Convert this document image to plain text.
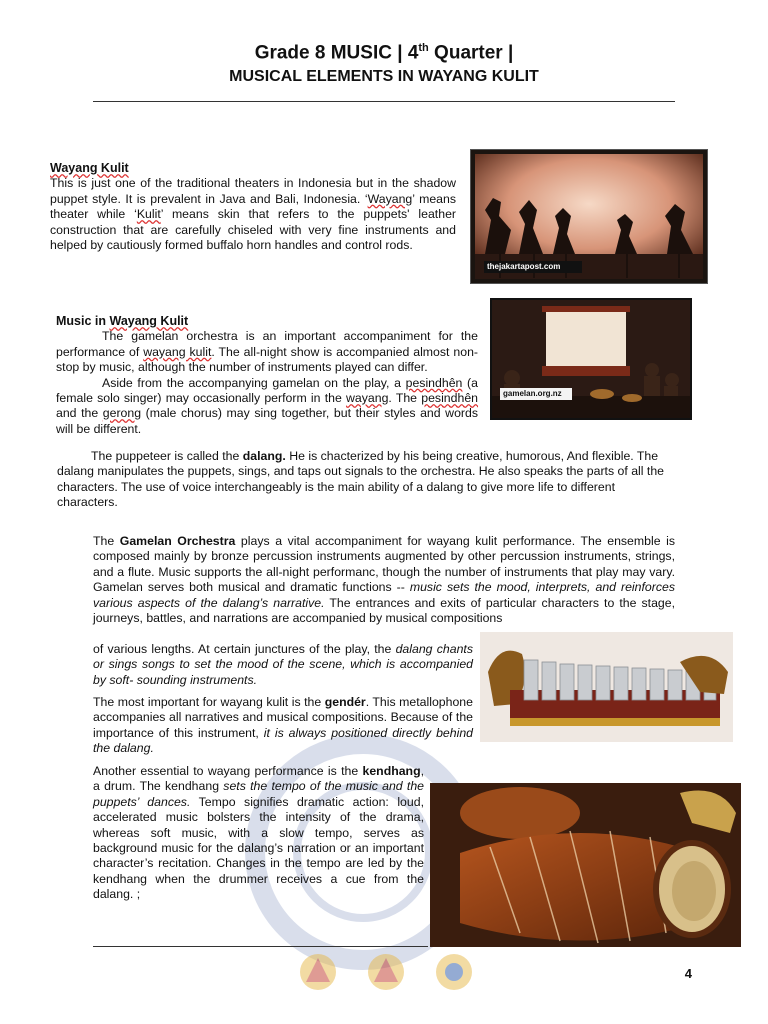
Grade 8 MUSIC | 4th Quarter |
MUSICAL ELEMENTS IN WAYANG KULIT
Wayang Kulit

This is just one of the traditional theaters in Indonesia but in the shadow puppet style. It is prevalent in Java and Bali, Indonesia. ‘Wayang’ means theater while ‘Kulit’ means skin that refers to the puppets' leather construction that are carefully chiseled with very fine instruments and helped by cautiously formed buffalo horn handles and control rods.

thejakartapost.com
Music in Wayang Kulit

The gamelan orchestra is an important accompaniment for the performance of wayang kulit. The all-night show is accompanied almost non-stop by music, although the number of instruments played can differ.

Aside from the accompanying gamelan on the play, a pesindhên (a female solo singer) may occasionally perform in the wayang. The pesindhên and the gerong (male chorus) may sing together, but their styles and words will be different.

gamelan.org.nz
The puppeteer is called the dalang. He is chacterized by his being creative, humorous, And flexible. The dalang manipulates the puppets, sings, and taps out signals to the orchestra. He also speaks the parts of all the characters. The use of voice interchangeably is the main ability of a dalang to give more life to different characters.
The Gamelan Orchestra plays a vital accompaniment for wayang kulit performance. The ensemble is composed mainly by bronze percussion instruments augmented by other percussion instruments, strings, and a flute. Music supports the all-night performanc, though the number of instruments that play may vary. Gamelan serves both musical and dramatic functions -- music sets the mood, interprets, and reinforces various aspects of the dalang’s narrative. The entrances and exits of particular characters to the stage, journeys, battles, and narrations are accompanied by musical compositions
of various lengths. At certain junctures of the play, the dalang chants or sings songs to set the mood of the scene, which is accompanied by soft- sounding instruments.
The most important for wayang kulit is the gendér. This metallophone accompanies all narratives and musical compositions. Because of the importance of this instrument, it is always positioned directly behind the dalang.
Another essential to wayang performance is the kendhang, a drum. The kendhang sets the tempo of the music and the puppets’ dances. Tempo signifies dramatic action: loud, accelerated music bolsters the intensity of the drama, whereas soft music, with a slow tempo, serves as background music for the dalang’s narration or an important character’s recitation. Changes in the tempo are led by the kendhang when the drummer receives a cue from the dalang. ;
4
